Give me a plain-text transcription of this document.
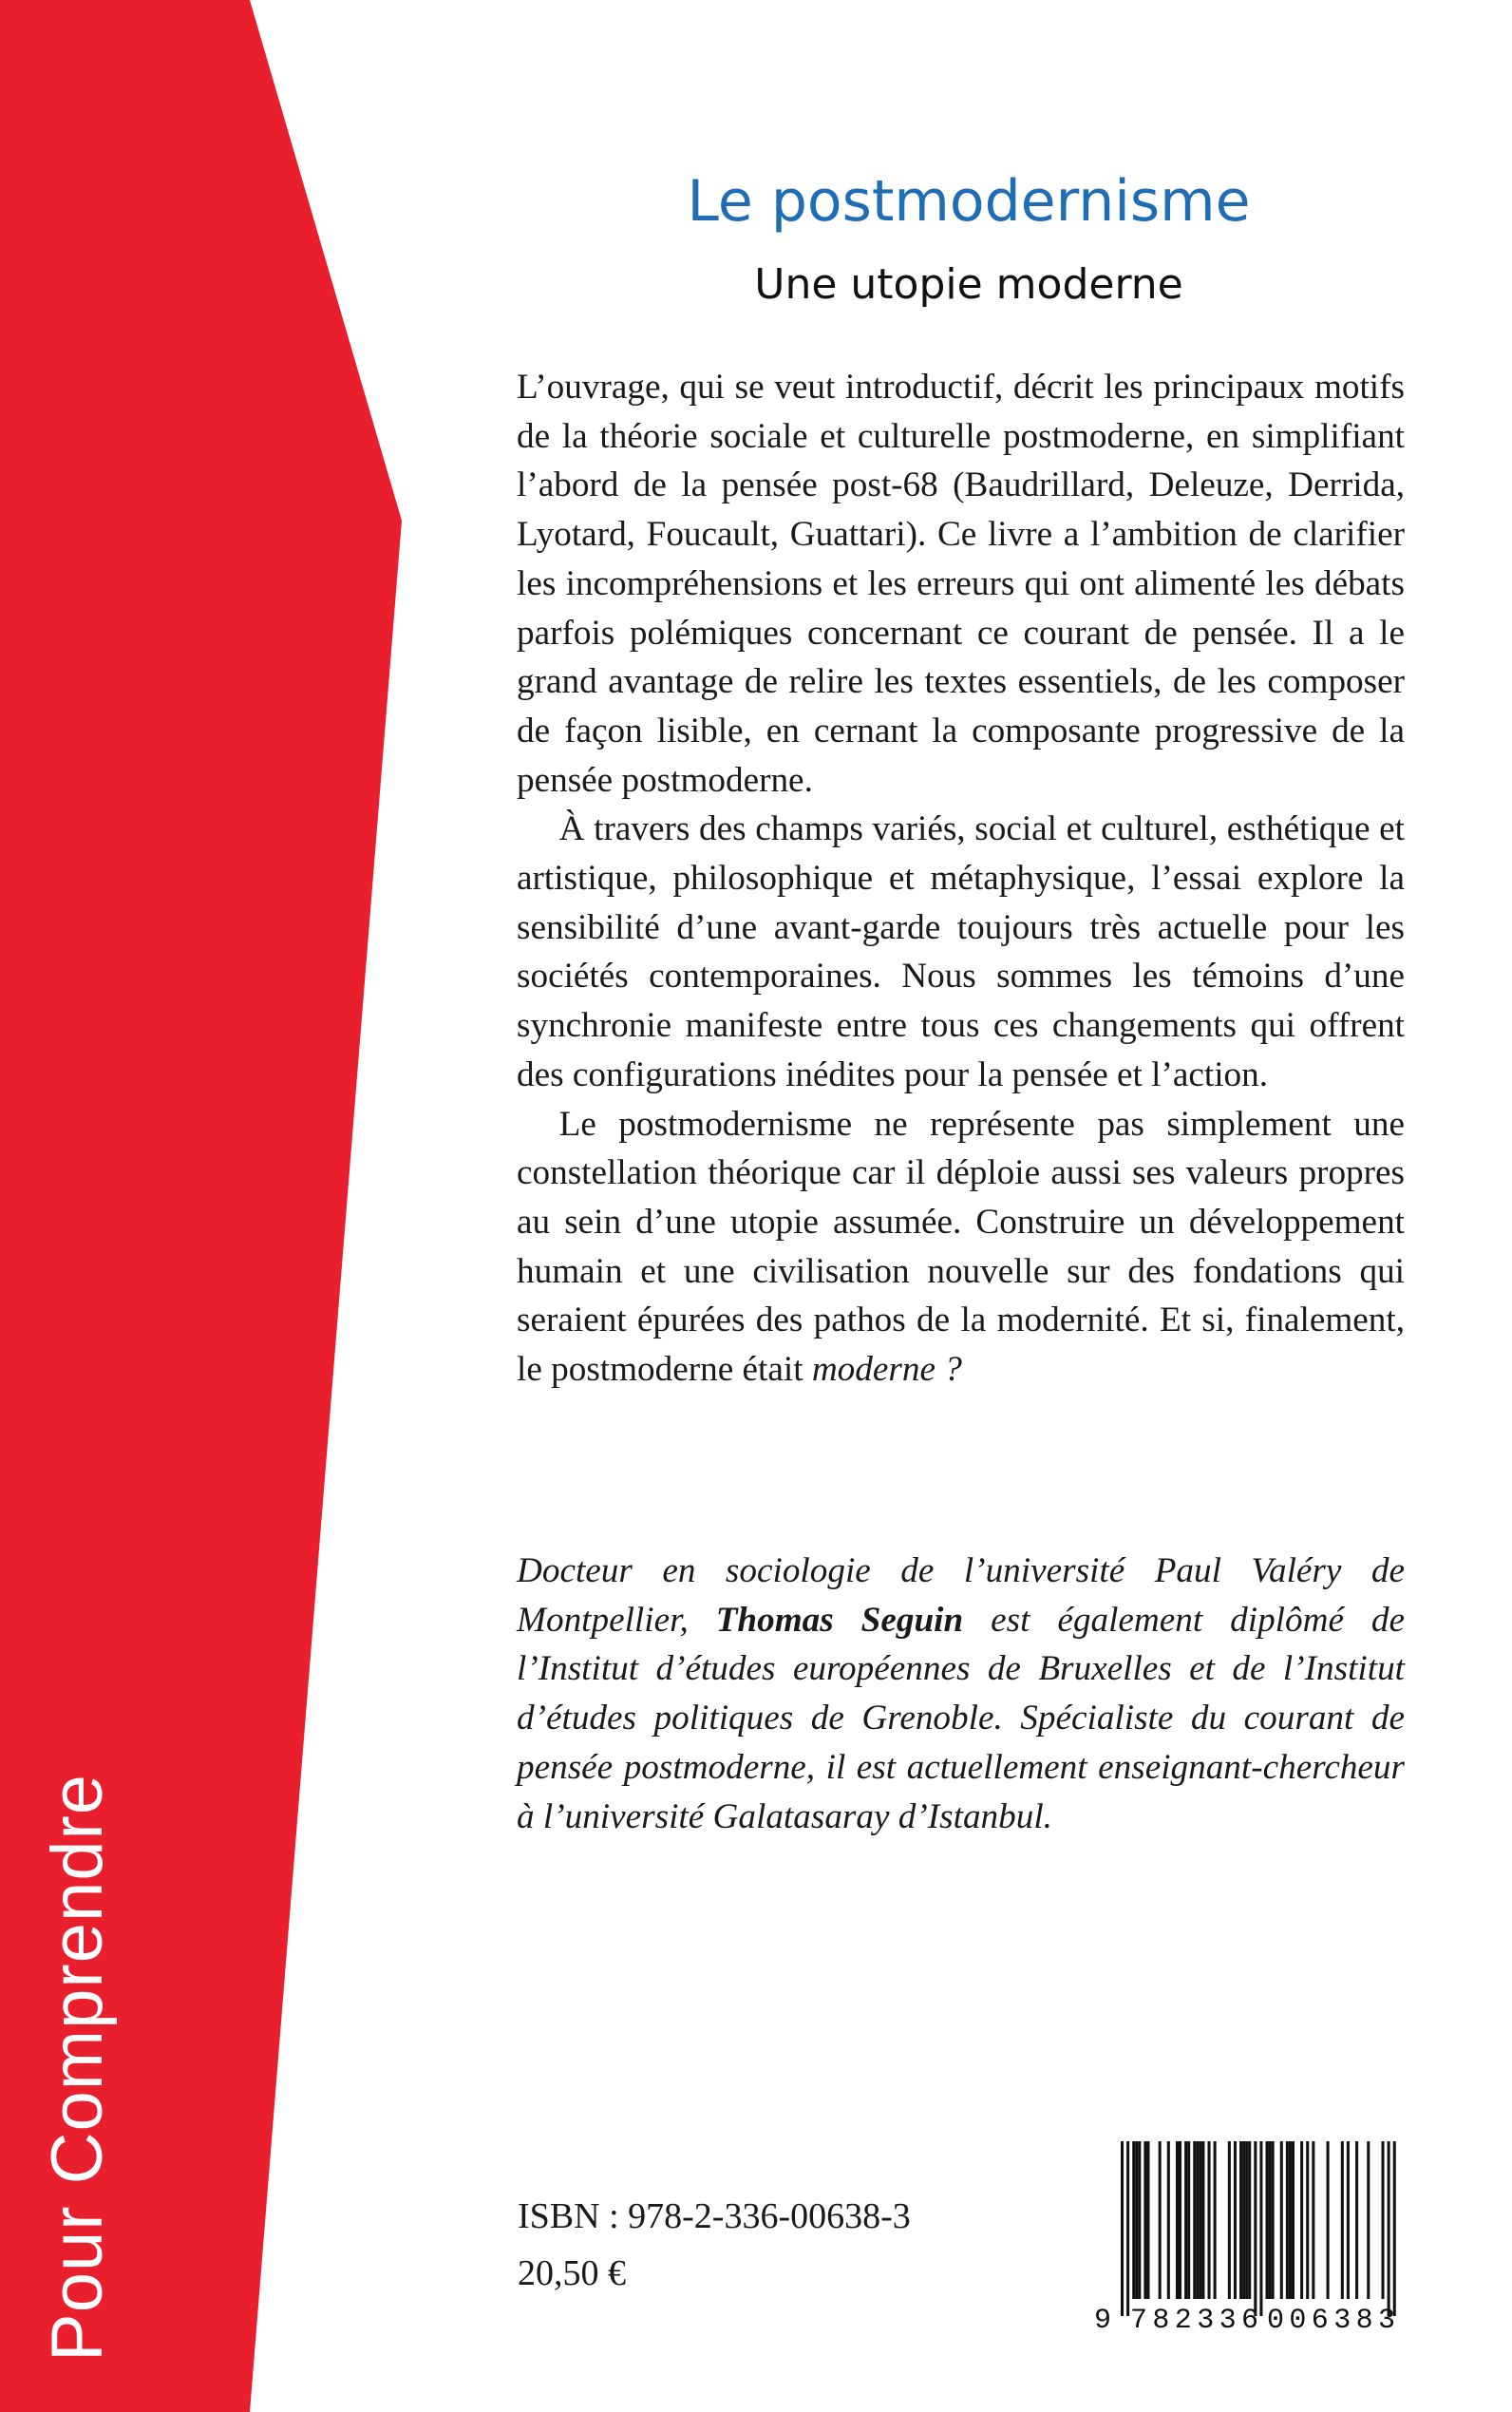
Pour Comprendre
Le postmodernisme
Une utopie moderne

L’ouvrage, qui se veut introductif, décrit les principaux motifs de la théorie sociale et culturelle postmoderne, en simplifiant l’abord de la pensée post-68 (Baudrillard, Deleuze, Derrida, Lyotard, Foucault, Guattari). Ce livre a l’ambition de clarifier les incompréhensions et les erreurs qui ont alimenté les débats parfois polémiques concernant ce courant de pensée. Il a le grand avantage de relire les textes essentiels, de les composer de façon lisible, en cernant la composante progressive de la pensée postmoderne.

À travers des champs variés, social et culturel, esthétique et artistique, philosophique et métaphysique, l’essai explore la sensibilité d’une avant-garde toujours très actuelle pour les sociétés contemporaines. Nous sommes les témoins d’une synchronie manifeste entre tous ces changements qui offrent des configurations inédites pour la pensée et l’action.

Le postmodernisme ne représente pas simplement une constellation théorique car il déploie aussi ses valeurs propres au sein d’une utopie assumée. Construire un développement humain et une civilisation nouvelle sur des fondations qui seraient épurées des pathos de la modernité. Et si, finalement, le postmoderne était moderne ?

Docteur en sociologie de l’université Paul Valéry de Montpellier, Thomas Seguin est également diplômé de l’Institut d’études européennes de Bruxelles et de l’Institut d’études politiques de Grenoble. Spécialiste du courant de pensée postmoderne, il est actuellement enseignant-chercheur à l’université Galatasaray d’Istanbul.

ISBN : 978-2-336-00638-3
20,50 €
9 782336 006383
